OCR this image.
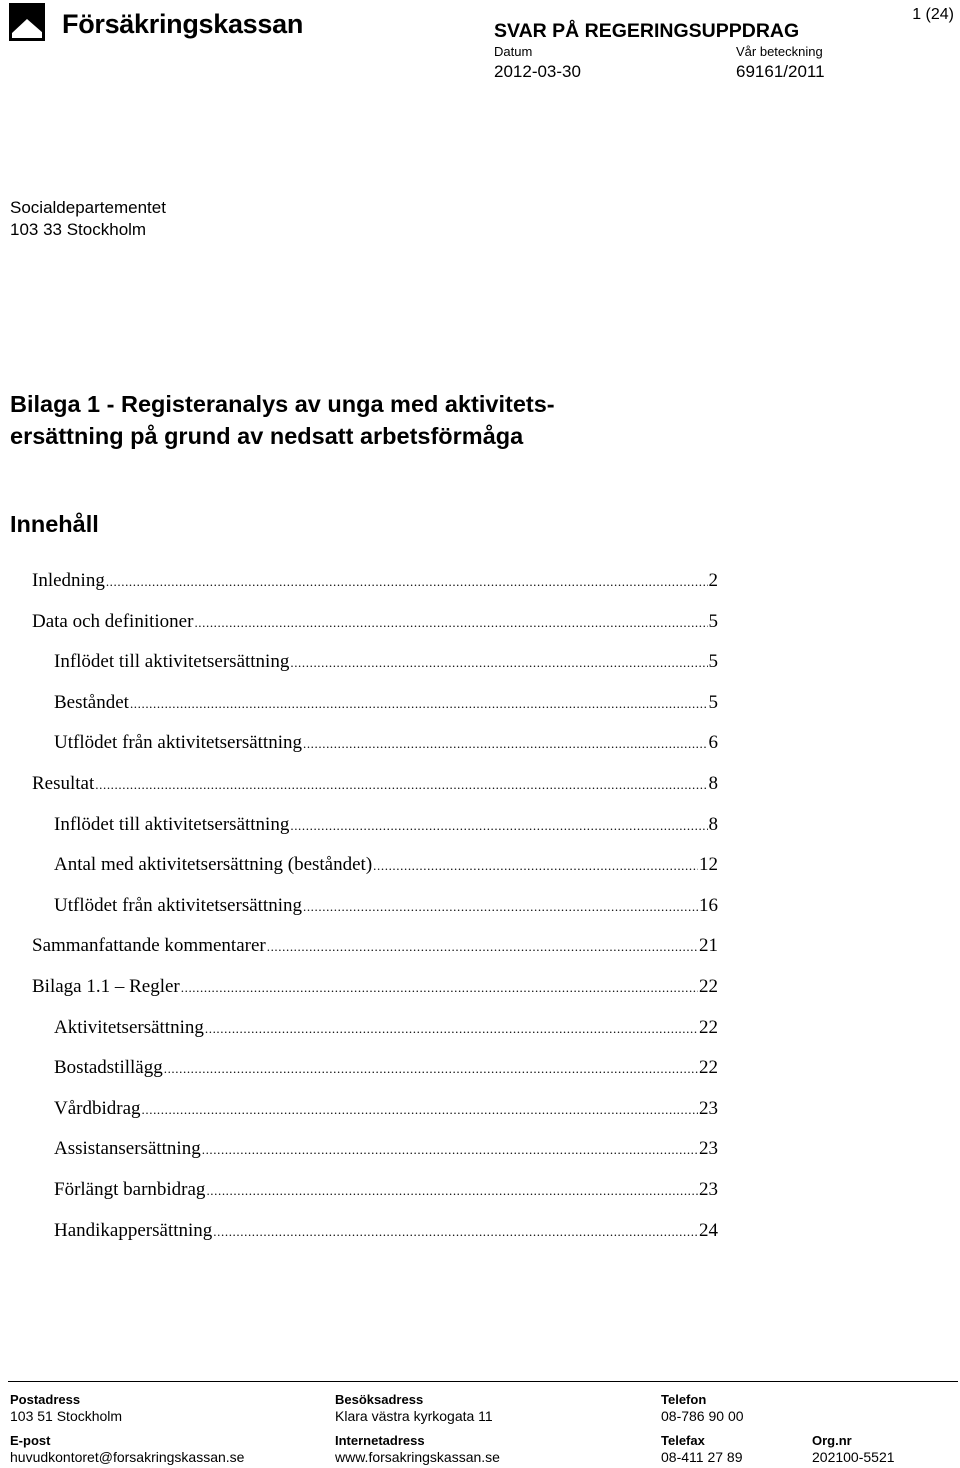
Försäkringskassan	1 (24)
SVAR PÅ REGERINGSUPPDRAG
Datum
2012-03-30
Vår beteckning
69161/2011
Socialdepartementet
103 33 Stockholm
Bilaga 1 - Registeranalys av unga med aktivitets-
ersättning på grund av nedsatt arbetsförmåga
Innehåll
Inledning .....	2
Data och definitioner .....	5
Inflödet till aktivitetsersättning .....	5
Beståndet .....	5
Utflödet från aktivitetsersättning .....	6
Resultat .....	8
Inflödet till aktivitetsersättning .....	8
Antal med aktivitetsersättning (beståndet) .....	12
Utflödet från aktivitetsersättning .....	16
Sammanfattande kommentarer .....	21
Bilaga 1.1 – Regler .....	22
Aktivitetsersättning .....	22
Bostadstillägg .....	22
Vårdbidrag .....	23
Assistansersättning .....	23
Förlängt barnbidrag .....	23
Handikappersättning .....	24
Postadress
103 51 Stockholm
Besöksadress
Klara västra kyrkogata 11
Telefon
08-786 90 00
E-post
huvudkontoret@forsakringskassan.se
Internetadress
www.forsakringskassan.se
Telefax
08-411 27 89
Org.nr
202100-5521
